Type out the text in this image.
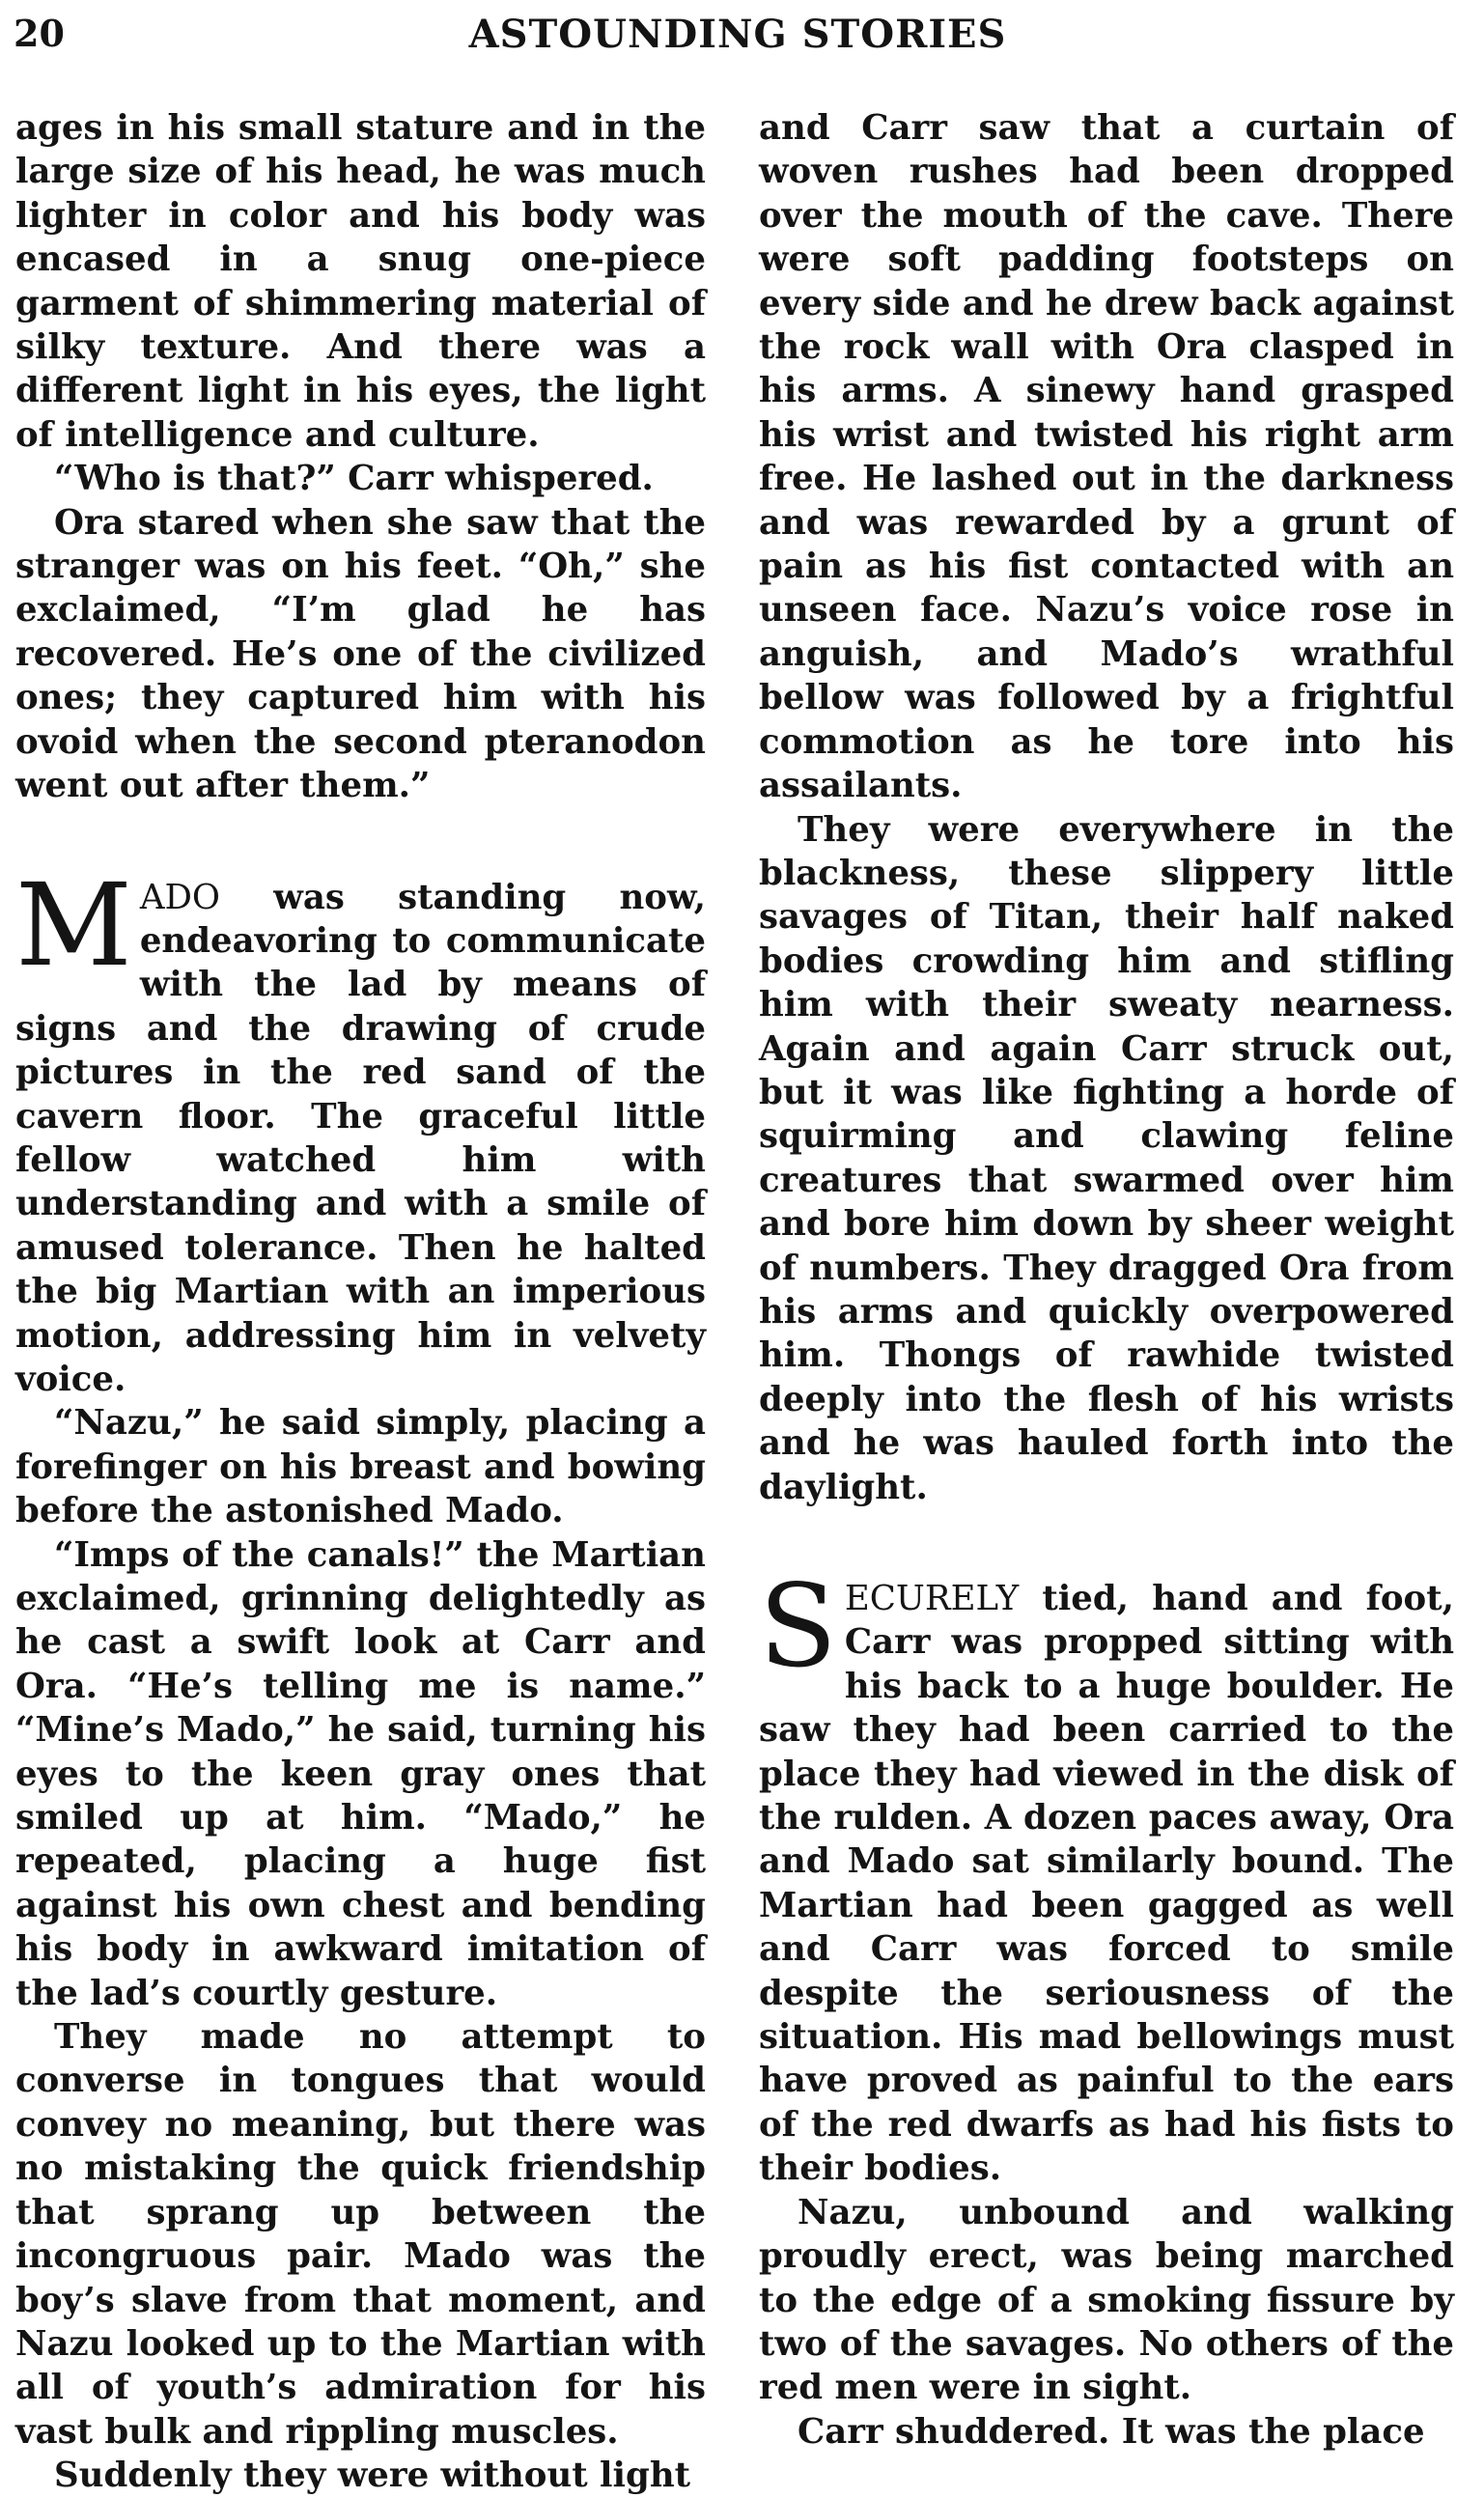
20	ASTOUNDING STORIES

ages in his small stature and in the large size of his head, he was much lighter in color and his body was encased in a snug one-piece garment of shimmering material of silky texture. And there was a different light in his eyes, the light of intelligence and culture.

“Who is that?” Carr whispered.

Ora stared when she saw that the stranger was on his feet. “Oh,” she exclaimed, “I’m glad he has recovered. He’s one of the civilized ones; they captured him with his ovoid when the second pteranodon went out after them.”

MADO was standing now, endeavoring to communicate with the lad by means of signs and the drawing of crude pictures in the red sand of the cavern floor. The graceful little fellow watched him with understanding and with a smile of amused tolerance. Then he halted the big Martian with an imperious motion, addressing him in velvety voice.

“Nazu,” he said simply, placing a forefinger on his breast and bowing before the astonished Mado.

“Imps of the canals!” the Martian exclaimed, grinning delightedly as he cast a swift look at Carr and Ora. “He’s telling me is name.” “Mine’s Mado,” he said, turning his eyes to the keen gray ones that smiled up at him. “Mado,” he repeated, placing a huge fist against his own chest and bending his body in awkward imitation of the lad’s courtly gesture.

They made no attempt to converse in tongues that would convey no meaning, but there was no mistaking the quick friendship that sprang up between the incongruous pair. Mado was the boy’s slave from that moment, and Nazu looked up to the Martian with all of youth’s admiration for his vast bulk and rippling muscles.

Suddenly they were without light

and Carr saw that a curtain of woven rushes had been dropped over the mouth of the cave. There were soft padding footsteps on every side and he drew back against the rock wall with Ora clasped in his arms. A sinewy hand grasped his wrist and twisted his right arm free. He lashed out in the darkness and was rewarded by a grunt of pain as his fist contacted with an unseen face. Nazu’s voice rose in anguish, and Mado’s wrathful bellow was followed by a frightful commotion as he tore into his assailants.

They were everywhere in the blackness, these slippery little savages of Titan, their half naked bodies crowding him and stifling him with their sweaty nearness. Again and again Carr struck out, but it was like fighting a horde of squirming and clawing feline creatures that swarmed over him and bore him down by sheer weight of numbers. They dragged Ora from his arms and quickly overpowered him. Thongs of rawhide twisted deeply into the flesh of his wrists and he was hauled forth into the daylight.

SECURELY tied, hand and foot, Carr was propped sitting with his back to a huge boulder. He saw they had been carried to the place they had viewed in the disk of the rulden. A dozen paces away, Ora and Mado sat similarly bound. The Martian had been gagged as well and Carr was forced to smile despite the seriousness of the situation. His mad bellowings must have proved as painful to the ears of the red dwarfs as had his fists to their bodies.

Nazu, unbound and walking proudly erect, was being marched to the edge of a smoking fissure by two of the savages. No others of the red men were in sight.

Carr shuddered. It was the place
